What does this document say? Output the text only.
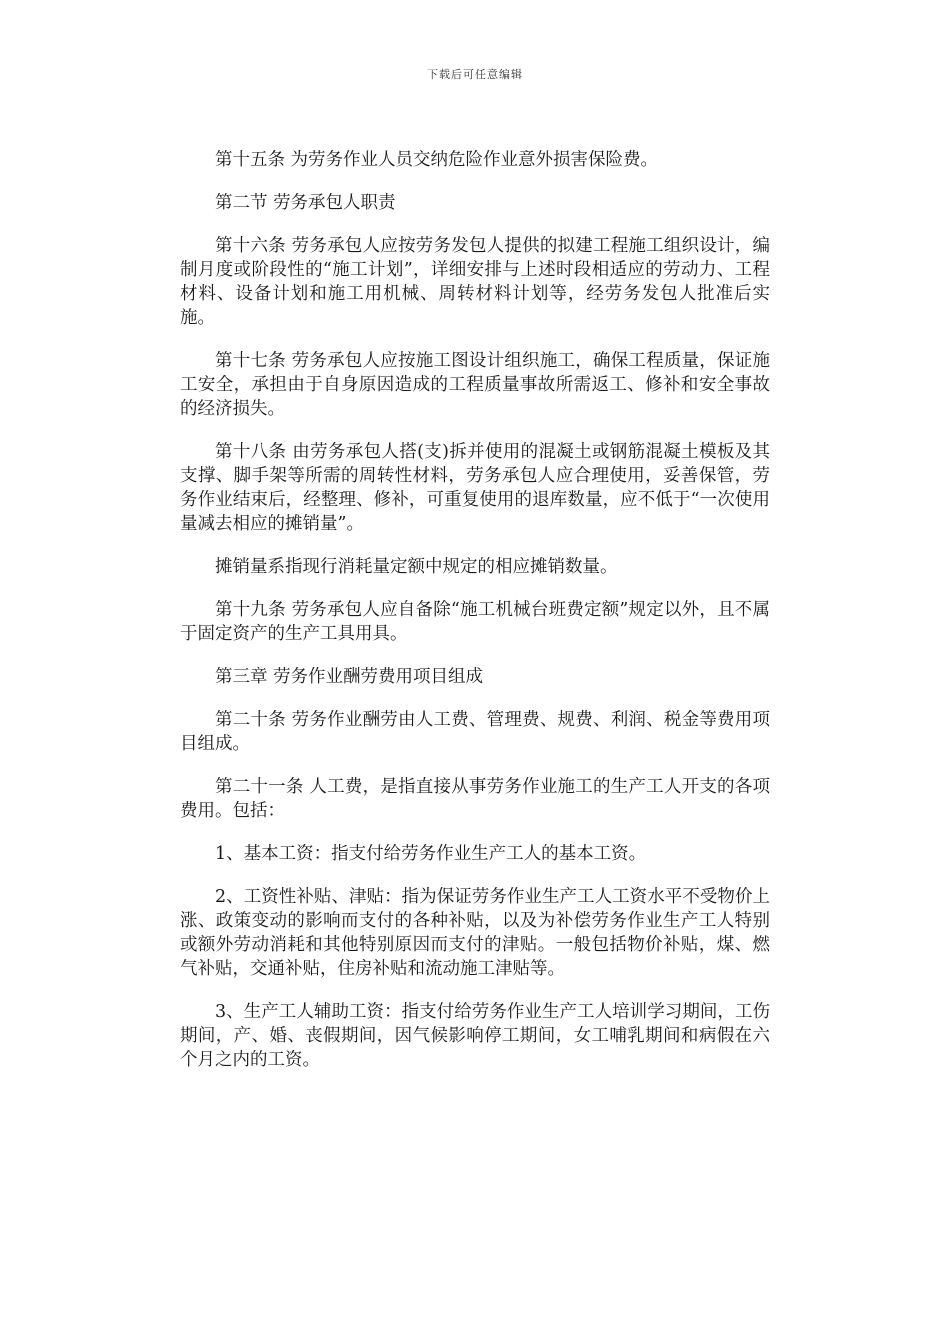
下载后可任意编辑

第十五条 为劳务作业人员交纳危险作业意外损害保险费。

第二节 劳务承包人职责

第十六条 劳务承包人应按劳务发包人提供的拟建工程施工组织设计，编制月度或阶段性的“施工计划”，详细安排与上述时段相适应的劳动力、工程材料、设备计划和施工用机械、周转材料计划等，经劳务发包人批准后实施。

第十七条 劳务承包人应按施工图设计组织施工，确保工程质量，保证施工安全，承担由于自身原因造成的工程质量事故所需返工、修补和安全事故的经济损失。

第十八条 由劳务承包人搭(支)拆并使用的混凝土或钢筋混凝土模板及其支撑、脚手架等所需的周转性材料，劳务承包人应合理使用，妥善保管，劳务作业结束后，经整理、修补，可重复使用的退库数量，应不低于“一次使用量减去相应的摊销量”。

摊销量系指现行消耗量定额中规定的相应摊销数量。

第十九条 劳务承包人应自备除“施工机械台班费定额”规定以外，且不属于固定资产的生产工具用具。

第三章 劳务作业酬劳费用项目组成

第二十条 劳务作业酬劳由人工费、管理费、规费、利润、税金等费用项目组成。

第二十一条 人工费，是指直接从事劳务作业施工的生产工人开支的各项费用。包括：

1、基本工资：指支付给劳务作业生产工人的基本工资。

2、工资性补贴、津贴：指为保证劳务作业生产工人工资水平不受物价上涨、政策变动的影响而支付的各种补贴，以及为补偿劳务作业生产工人特别或额外劳动消耗和其他特别原因而支付的津贴。一般包括物价补贴，煤、燃气补贴，交通补贴，住房补贴和流动施工津贴等。

3、生产工人辅助工资：指支付给劳务作业生产工人培训学习期间，工伤期间，产、婚、丧假期间，因气候影响停工期间，女工哺乳期间和病假在六个月之内的工资。
